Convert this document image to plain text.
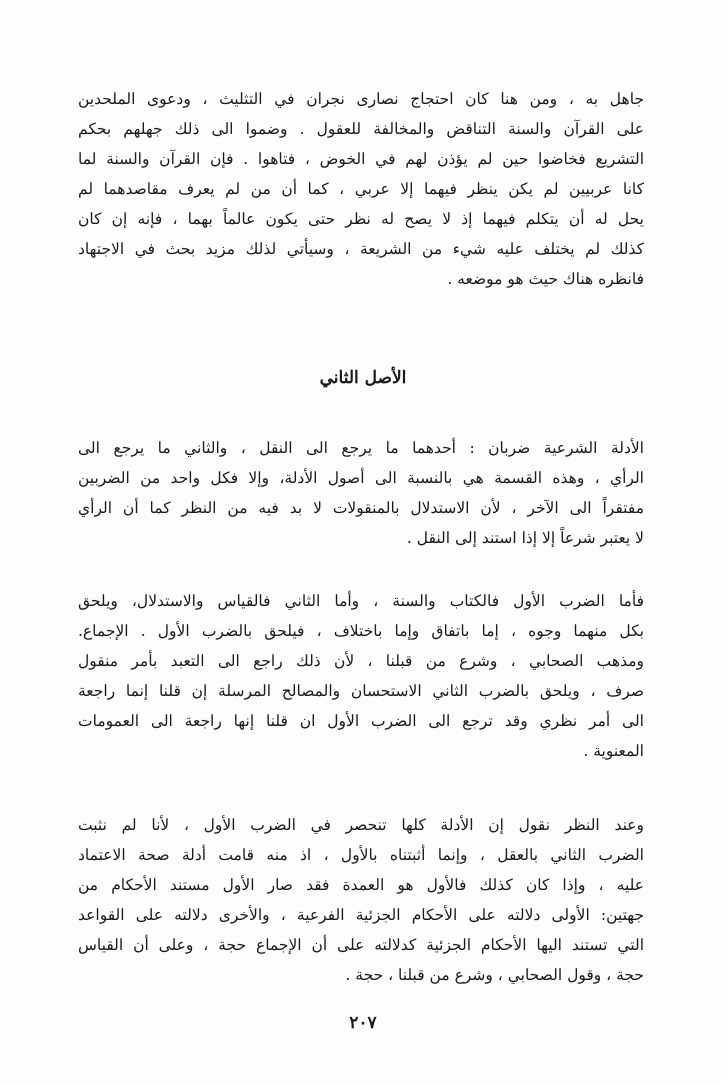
جاهل به ، ومن هنا كان احتجاج نصارى نجران في التثليث ، ودعوى الملحدين
على القرآن والسنة التناقض والمخالفة للعقول . وضموا الى ذلك جهلهم بحكم
التشريع فخاضوا حين لم يؤذن لهم في الخوض ، فتاهوا . فإن القرآن والسنة لما
كانا عربيين لم يكن ينظر فيهما إلا عربي ، كما أن من لم يعرف مقاصدهما لم
يحل له أن يتكلم فيهما إذ لا يصح له نظر حتى يكون عالماً بهما ، فإنه إن كان
كذلك لم يختلف عليه شيء من الشريعة ، وسيأتي لذلك مزيد بحث في الاجتهاد
فانظره هناك حيث هو موضعه .
الأصل الثاني
الأدلة الشرعية ضربان : أحدهما ما يرجع الى النقل ، والثاني ما يرجع الى
الرأي ، وهذه القسمة هي بالنسبة الى أصول الأدلة، وإلا فكل واحد من الضربين
مفتقراً الى الآخر ، لأن الاستدلال بالمنقولات لا بد فيه من النظر كما أن الرأي
لا يعتبر شرعاً إلا إذا استند إلى النقل .
فأما الضرب الأول فالكتاب والسنة ، وأما الثاني فالقياس والاستدلال، ويلحق
بكل منهما وجوه ، إما باتفاق وإما باختلاف ، فيلحق بالضرب الأول . الإجماع.
ومذهب الصحابي ، وشرع من قبلنا ، لأن ذلك راجع الى التعبد بأمر منقول
صرف ، ويلحق بالضرب الثاني الاستحسان والمصالح المرسلة إن قلنا إنما راجعة
الى أمر نظري وقد ترجع الى الضرب الأول ان قلنا إنها راجعة الى العمومات
المعنوية .
وعند النظر نقول إن الأدلة كلها تنحصر في الضرب الأول ، لأنا لم نثبت
الضرب الثاني بالعقل ، وإنما أثبتناه بالأول ، اذ منه قامت أدلة صحة الاعتماد
عليه ، وإذا كان كذلك فالأول هو العمدة فقد صار الأول مستند الأحكام من
جهتين: الأولى دلالته على الأحكام الجزئية الفرعية ، والأخرى دلالته على القواعد
التي تستند اليها الأحكام الجزئية كدلالته على أن الإجماع حجة ، وعلى أن القياس
حجة ، وقول الصحابي ، وشرع من قبلنا ، حجة .
٢٠٧
